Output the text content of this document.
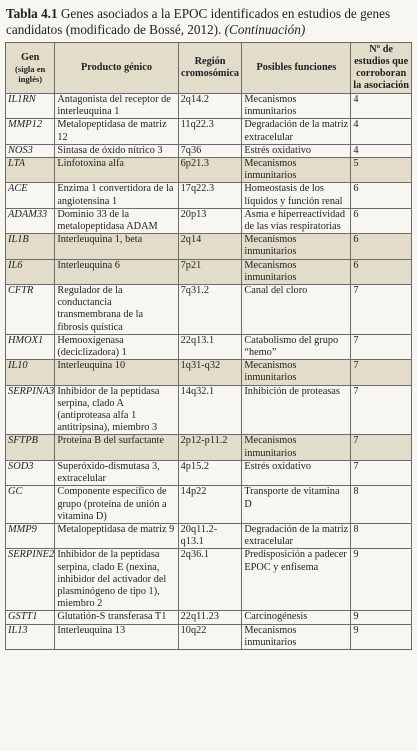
Tabla 4.1 Genes asociados a la EPOC identificados en estudios de genes candidatos (modificado de Bossé, 2012). (Continuación)
Gen
(sigla en inglés)	Producto génico	Región cromosómica	Posibles funciones	Nº de estudios que corroboran la asociación
IL1RN	Antagonista del receptor de interleuquina 1	2q14.2	Mecanismos inmunitarios	4
MMP12	Metalopeptidasa de matriz 12	11q22.3	Degradación de la matriz extracelular	4
NOS3	Sintasa de óxido nítrico 3	7q36	Estrés oxidativo	4
LTA	Linfotoxina alfa	6p21.3	Mecanismos inmunitarios	5
ACE	Enzima 1 convertidora de la angiotensina 1	17q22.3	Homeostasis de los líquidos y función renal	6
ADAM33	Dominio 33 de la metalopeptidasa ADAM	20p13	Asma e hiperreactividad de las vías respiratorias	6
IL1B	Interleuquina 1, beta	2q14	Mecanismos inmunitarios	6
IL6	Interleuquina 6	7p21	Mecanismos inmunitarios	6
CFTR	Regulador de la conductancia transmembrana de la fibrosis quística	7q31.2	Canal del cloro	7
HMOX1	Hemooxigenasa (deciclizadora) 1	22q13.1	Catabolismo del grupo “hemo”	7
IL10	Interleuquina 10	1q31-q32	Mecanismos inmunitarios	7
SERPINA3	Inhibidor de la peptidasa serpina, clado A (antiproteasa alfa 1 antitripsina), miembro 3	14q32.1	Inhibición de proteasas	7
SFTPB	Proteína B del surfactante	2p12-p11.2	Mecanismos inmunitarios	7
SOD3	Superóxido-dismutasa 3, extracelular	4p15.2	Estrés oxidativo	7
GC	Componente específico de grupo (proteína de unión a vitamina D)	14p22	Transporte de vitamina D	8
MMP9	Metalopeptidasa de matriz 9	20q11.2-q13.1	Degradación de la matriz extracelular	8
SERPINE2	Inhibidor de la peptidasa serpina, clado E (nexina, inhibidor del activador del plasminógeno de tipo 1), miembro 2	2q36.1	Predisposición a padecer EPOC y enfisema	9
GSTT1	Glutatión-S transferasa T1	22q11.23	Carcinogénesis	9
IL13	Interleuquina 13	10q22	Mecanismos inmunitarios	9
